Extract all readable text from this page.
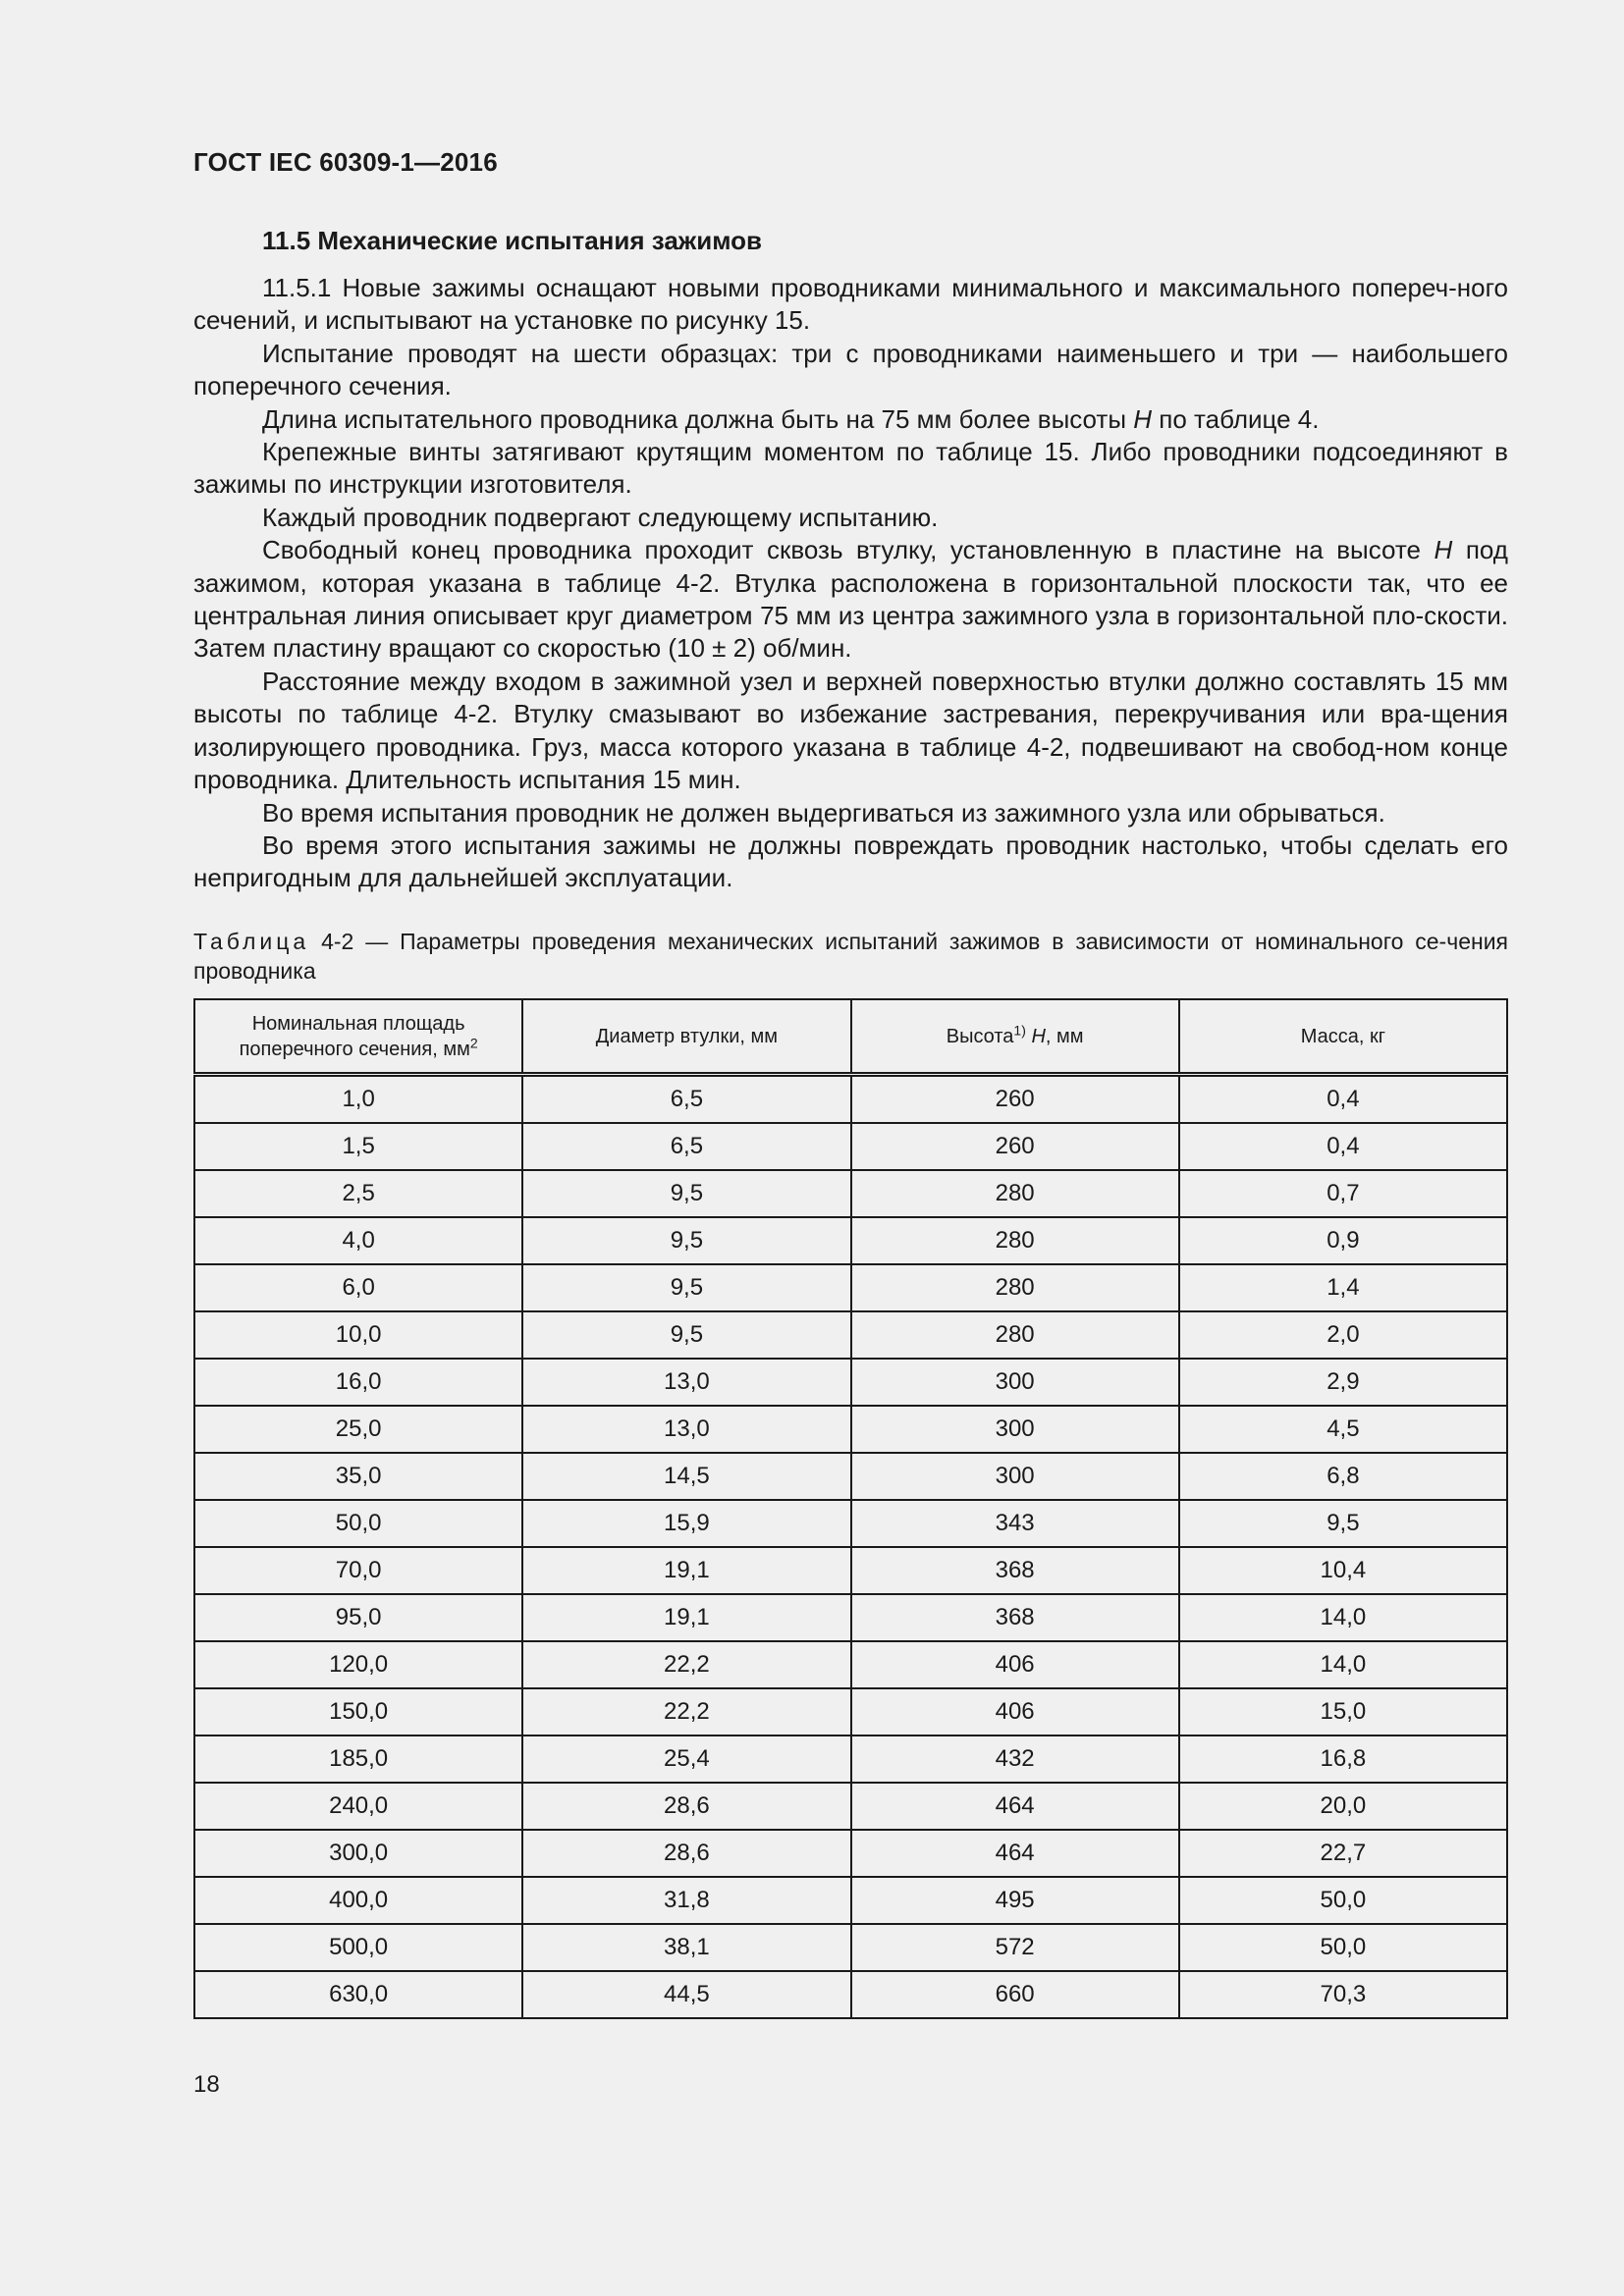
ГОСТ IEC 60309-1—2016
11.5 Механические испытания зажимов

11.5.1 Новые зажимы оснащают новыми проводниками минимального и максимального попереч-ного сечений, и испытывают на установке по рисунку 15.

Испытание проводят на шести образцах: три с проводниками наименьшего и три — наибольшего поперечного сечения.

Длина испытательного проводника должна быть на 75 мм более высоты H по таблице 4.

Крепежные винты затягивают крутящим моментом по таблице 15. Либо проводники подсоединяют в зажимы по инструкции изготовителя.

Каждый проводник подвергают следующему испытанию.

Свободный конец проводника проходит сквозь втулку, установленную в пластине на высоте H под зажимом, которая указана в таблице 4-2. Втулка расположена в горизонтальной плоскости так, что ее центральная линия описывает круг диаметром 75 мм из центра зажимного узла в горизонтальной пло-скости. Затем пластину вращают со скоростью (10 ± 2) об/мин.

Расстояние между входом в зажимной узел и верхней поверхностью втулки должно составлять 15 мм высоты по таблице 4-2. Втулку смазывают во избежание застревания, перекручивания или вра-щения изолирующего проводника. Груз, масса которого указана в таблице 4-2, подвешивают на свобод-ном конце проводника. Длительность испытания 15 мин.

Во время испытания проводник не должен выдергиваться из зажимного узла или обрываться.

Во время этого испытания зажимы не должны повреждать проводник настолько, чтобы сделать его непригодным для дальнейшей эксплуатации.

Таблица 4-2 — Параметры проведения механических испытаний зажимов в зависимости от номинального се-чения проводника
Номинальная площадь
поперечного сечения, $мм^2$	Диаметр втулки, мм	Высота$^{1)}$ H, мм	Масса, кг
1,0	6,5	260	0,4
1,5	6,5	260	0,4
2,5	9,5	280	0,7
4,0	9,5	280	0,9
6,0	9,5	280	1,4
10,0	9,5	280	2,0
16,0	13,0	300	2,9
25,0	13,0	300	4,5
35,0	14,5	300	6,8
50,0	15,9	343	9,5
70,0	19,1	368	10,4
95,0	19,1	368	14,0
120,0	22,2	406	14,0
150,0	22,2	406	15,0
185,0	25,4	432	16,8
240,0	28,6	464	20,0
300,0	28,6	464	22,7
400,0	31,8	495	50,0
500,0	38,1	572	50,0
630,0	44,5	660	70,3
18
